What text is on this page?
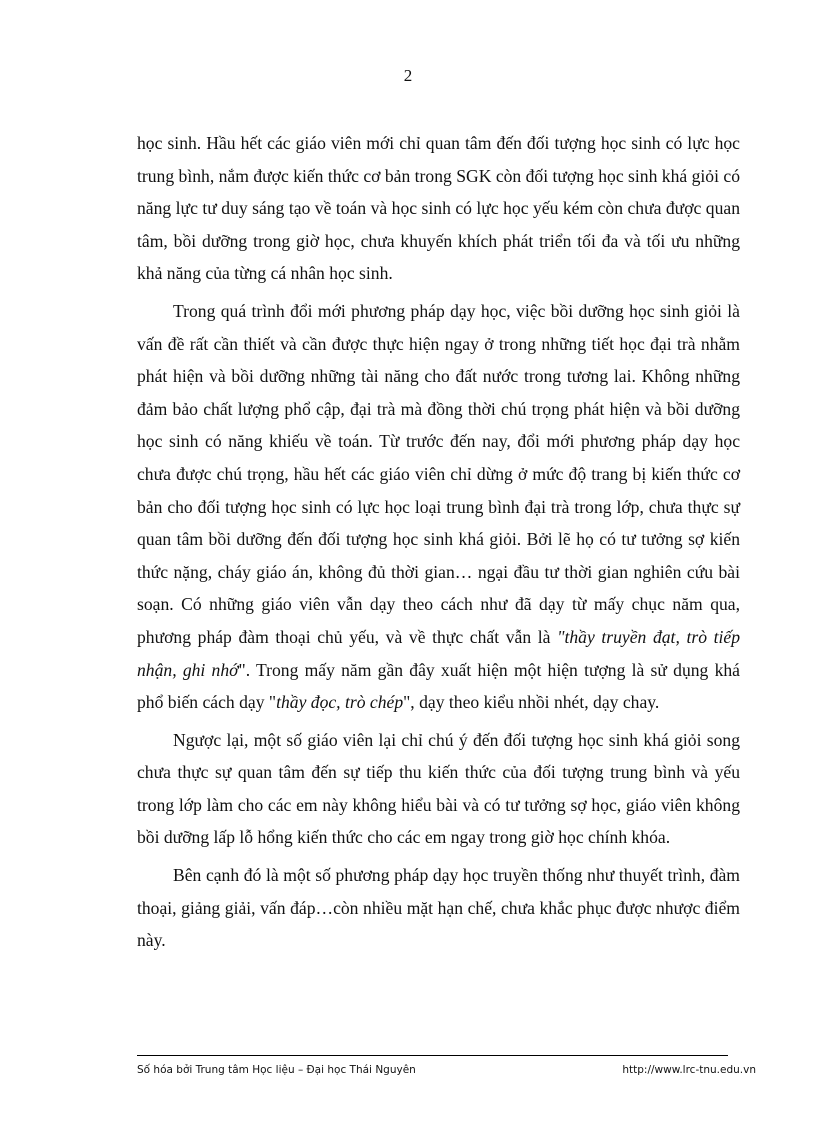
2

học sinh. Hầu hết các giáo viên mới chỉ quan tâm đến đối tượng học sinh có lực học trung bình, nắm được kiến thức cơ bản trong SGK còn đối tượng học sinh khá giỏi có năng lực tư duy sáng tạo về toán và học sinh có lực học yếu kém còn chưa được quan tâm, bồi dưỡng trong giờ học, chưa khuyến khích phát triển tối đa và tối ưu những khả năng của từng cá nhân học sinh.

Trong quá trình đổi mới phương pháp dạy học, việc bồi dưỡng học sinh giỏi là vấn đề rất cần thiết và cần được thực hiện ngay ở trong những tiết học đại trà nhằm phát hiện và bồi dưỡng những tài năng cho đất nước trong tương lai. Không những đảm bảo chất lượng phổ cập, đại trà mà đồng thời chú trọng phát hiện và bồi dưỡng học sinh có năng khiếu về toán. Từ trước đến nay, đổi mới phương pháp dạy học chưa được chú trọng, hầu hết các giáo viên chỉ dừng ở mức độ trang bị kiến thức cơ bản cho đối tượng học sinh có lực học loại trung bình đại trà trong lớp, chưa thực sự quan tâm bồi dưỡng đến đối tượng học sinh khá giỏi. Bởi lẽ họ có tư tưởng sợ kiến thức nặng, cháy giáo án, không đủ thời gian… ngại đầu tư thời gian nghiên cứu bài soạn. Có những giáo viên vẫn dạy theo cách như đã dạy từ mấy chục năm qua, phương pháp đàm thoại chủ yếu, và về thực chất vẫn là "thầy truyền đạt, trò tiếp nhận, ghi nhớ". Trong mấy năm gần đây xuất hiện một hiện tượng là sử dụng khá phổ biến cách dạy "thầy đọc, trò chép", dạy theo kiểu nhồi nhét, dạy chay.

Ngược lại, một số giáo viên lại chỉ chú ý đến đối tượng học sinh khá giỏi song chưa thực sự quan tâm đến sự tiếp thu kiến thức của đối tượng trung bình và yếu trong lớp làm cho các em này không hiểu bài và có tư tưởng sợ học, giáo viên không bồi dưỡng lấp lỗ hổng kiến thức cho các em ngay trong giờ học chính khóa.

Bên cạnh đó là một số phương pháp dạy học truyền thống như thuyết trình, đàm thoại, giảng giải, vấn đáp…còn nhiều mặt hạn chế, chưa khắc phục được nhược điểm này.

Số hóa bởi Trung tâm Học liệu – Đại học Thái Nguyên	http://www.lrc-tnu.edu.vn
